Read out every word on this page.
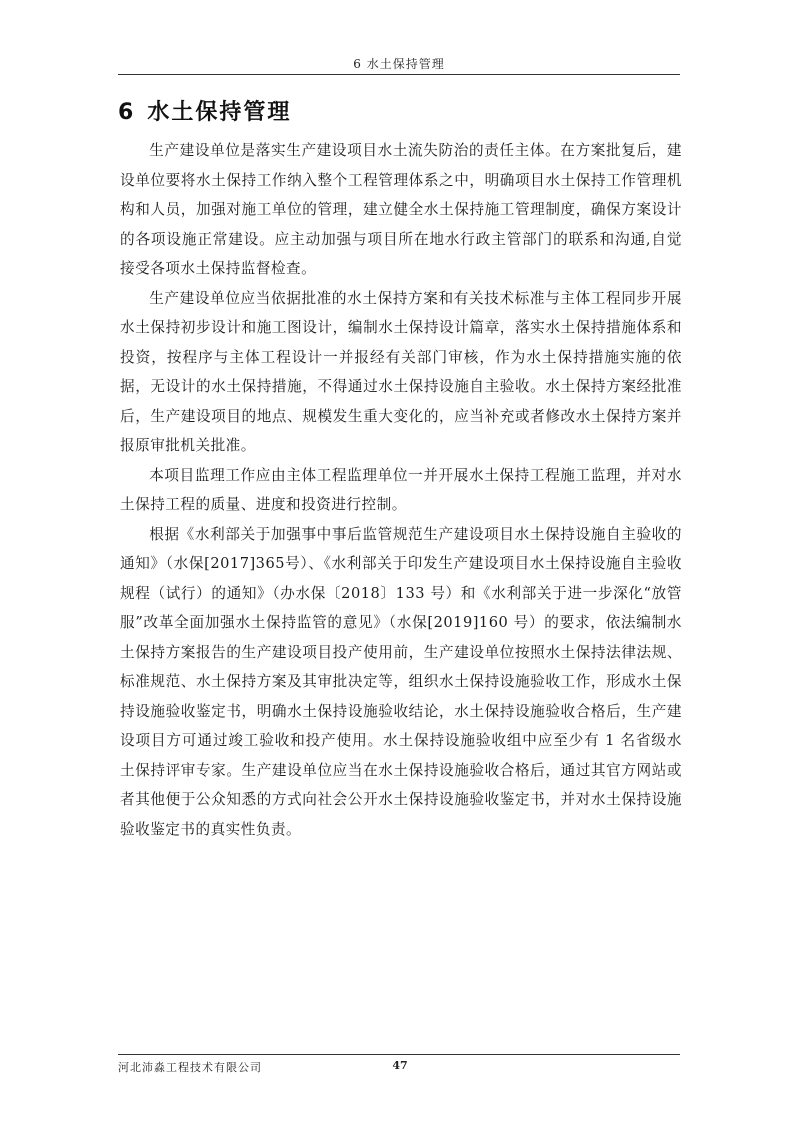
6 水土保持管理
6 水土保持管理

生产建设单位是落实生产建设项目水土流失防治的责任主体。在方案批复后，建设单位要将水土保持工作纳入整个工程管理体系之中，明确项目水土保持工作管理机构和人员，加强对施工单位的管理，建立健全水土保持施工管理制度，确保方案设计的各项设施正常建设。应主动加强与项目所在地水行政主管部门的联系和沟通,自觉接受各项水土保持监督检查。

生产建设单位应当依据批准的水土保持方案和有关技术标准与主体工程同步开展水土保持初步设计和施工图设计，编制水土保持设计篇章，落实水土保持措施体系和投资，按程序与主体工程设计一并报经有关部门审核，作为水土保持措施实施的依据，无设计的水土保持措施，不得通过水土保持设施自主验收。水土保持方案经批准后，生产建设项目的地点、规模发生重大变化的，应当补充或者修改水土保持方案并报原审批机关批准。

本项目监理工作应由主体工程监理单位一并开展水土保持工程施工监理，并对水土保持工程的质量、进度和投资进行控制。

根据《水利部关于加强事中事后监管规范生产建设项目水土保持设施自主验收的通知》（水保[2017]365号）、《水利部关于印发生产建设项目水土保持设施自主验收规程（试行）的通知》（办水保〔2018〕133 号）和《水利部关于进一步深化“放管服”改革全面加强水土保持监管的意见》（水保[2019]160 号）的要求，依法编制水土保持方案报告的生产建设项目投产使用前，生产建设单位按照水土保持法律法规、标准规范、水土保持方案及其审批决定等，组织水土保持设施验收工作，形成水土保持设施验收鉴定书，明确水土保持设施验收结论，水土保持设施验收合格后，生产建设项目方可通过竣工验收和投产使用。水土保持设施验收组中应至少有 1 名省级水土保持评审专家。生产建设单位应当在水土保持设施验收合格后，通过其官方网站或者其他便于公众知悉的方式向社会公开水土保持设施验收鉴定书，并对水土保持设施验收鉴定书的真实性负责。

河北沛淼工程技术有限公司	47
